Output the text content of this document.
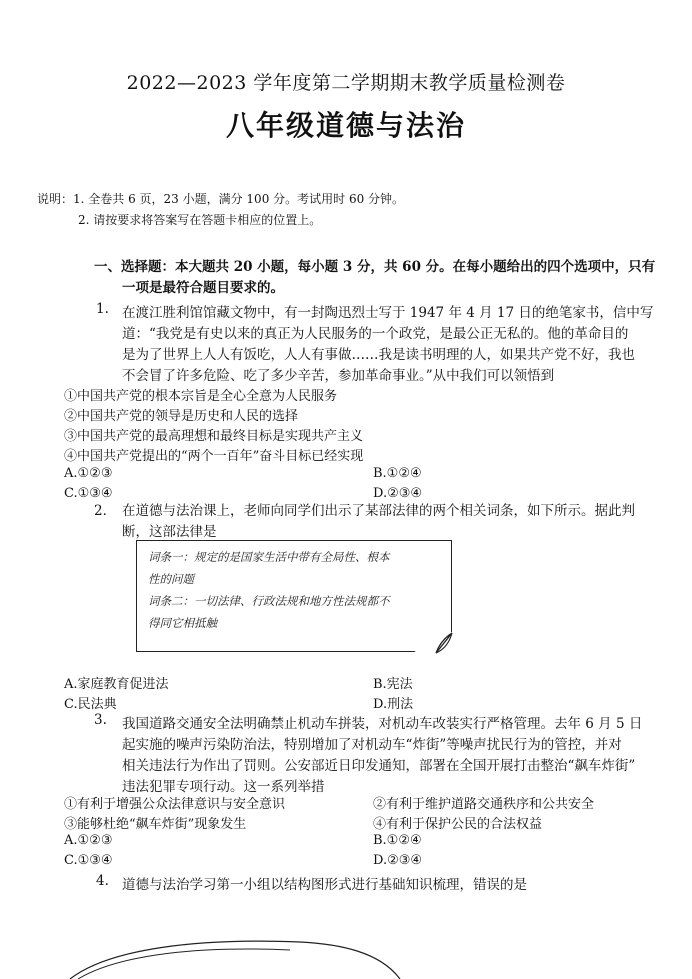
2022—2023 学年度第二学期期末教学质量检测卷
八年级道德与法治
说明：1. 全卷共 6 页，23 小题，满分 100 分。考试用时 60 分钟。
2. 请按要求将答案写在答题卡相应的位置上。
一、选择题：本大题共 20 小题，每小题 3 分，共 60 分。在每小题给出的四个选项中，只有
一项是最符合题目要求的。
1. 在渡江胜利馆馆藏文物中，有一封陶迅烈士写于 1947 年 4 月 17 日的绝笔家书，信中写
道：“我党是有史以来的真正为人民服务的一个政党，是最公正无私的。他的革命目的
是为了世界上人人有饭吃，人人有事做……我是读书明理的人，如果共产党不好，我也
不会冒了许多危险、吃了多少辛苦，参加革命事业。”从中我们可以领悟到
①中国共产党的根本宗旨是全心全意为人民服务
②中国共产党的领导是历史和人民的选择
③中国共产党的最高理想和最终目标是实现共产主义
④中国共产党提出的“两个一百年”奋斗目标已经实现
A.①②③	B.①②④
C.①③④	D.②③④
2． 在道德与法治课上，老师向同学们出示了某部法律的两个相关词条，如下所示。据此判
断，这部法律是
词条一：规定的是国家生活中带有全局性、根本
性的问题
词条二：一切法律、行政法规和地方性法规都不
得同它相抵触
A.家庭教育促进法	B.宪法
C.民法典	D.刑法
3. 我国道路交通安全法明确禁止机动车拼装，对机动车改装实行严格管理。去年 6 月 5 日
起实施的噪声污染防治法，特别增加了对机动车“炸街”等噪声扰民行为的管控，并对
相关违法行为作出了罚则。公安部近日印发通知，部署在全国开展打击整治“飙车炸街”
违法犯罪专项行动。这一系列举措
①有利于增强公众法律意识与安全意识	②有利于维护道路交通秩序和公共安全
③能够杜绝“飙车炸街”现象发生	④有利于保护公民的合法权益
A.①②③	B.①②④
C.①③④	D.②③④
4. 道德与法治学习第一小组以结构图形式进行基础知识梳理，错误的是
